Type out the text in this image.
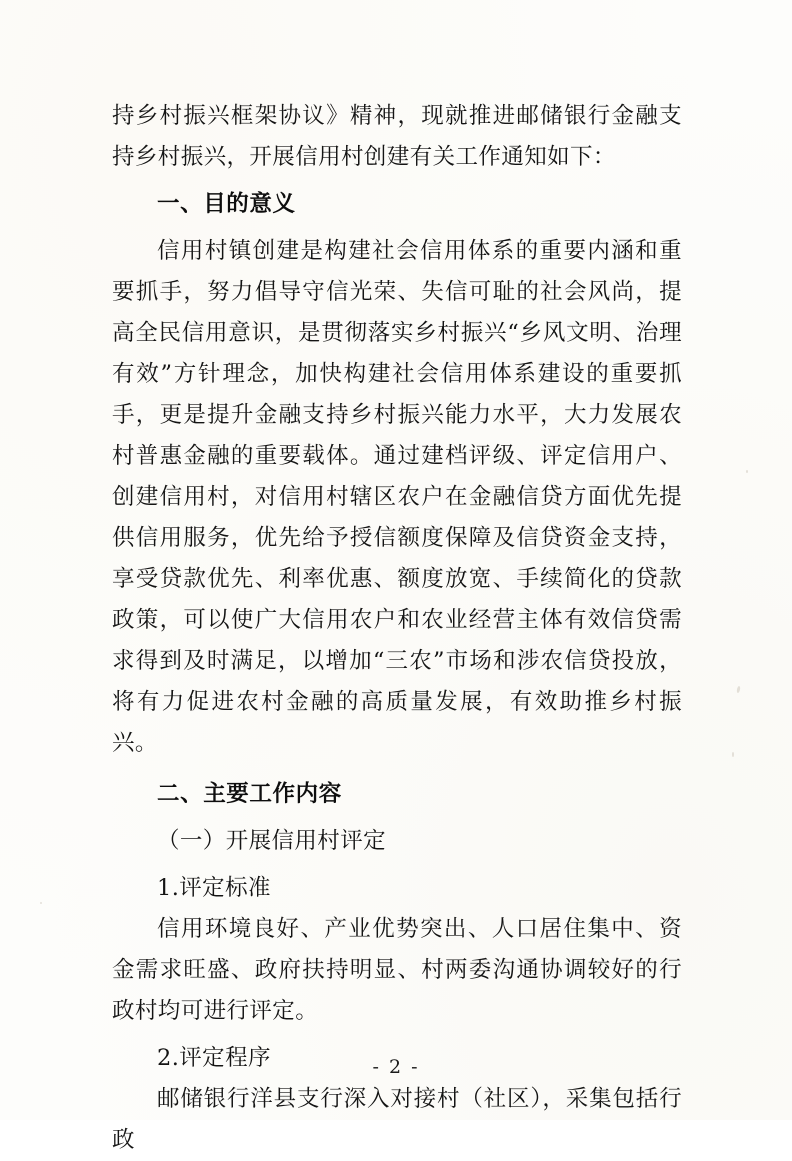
持乡村振兴框架协议》精神，现就推进邮储银行金融支持乡村振兴，开展信用村创建有关工作通知如下：

一、目的意义

信用村镇创建是构建社会信用体系的重要内涵和重要抓手，努力倡导守信光荣、失信可耻的社会风尚，提高全民信用意识，是贯彻落实乡村振兴“乡风文明、治理有效”方针理念，加快构建社会信用体系建设的重要抓手，更是提升金融支持乡村振兴能力水平，大力发展农村普惠金融的重要载体。通过建档评级、评定信用户、创建信用村，对信用村辖区农户在金融信贷方面优先提供信用服务，优先给予授信额度保障及信贷资金支持，享受贷款优先、利率优惠、额度放宽、手续简化的贷款政策，可以使广大信用农户和农业经营主体有效信贷需求得到及时满足，以增加“三农”市场和涉农信贷投放，将有力促进农村金融的高质量发展，有效助推乡村振兴。

二、主要工作内容

（一）开展信用村评定

1.评定标准

信用环境良好、产业优势突出、人口居住集中、资金需求旺盛、政府扶持明显、村两委沟通协调较好的行政村均可进行评定。

2.评定程序

邮储银行洋县支行深入对接村（社区），采集包括行政

- 2 -
